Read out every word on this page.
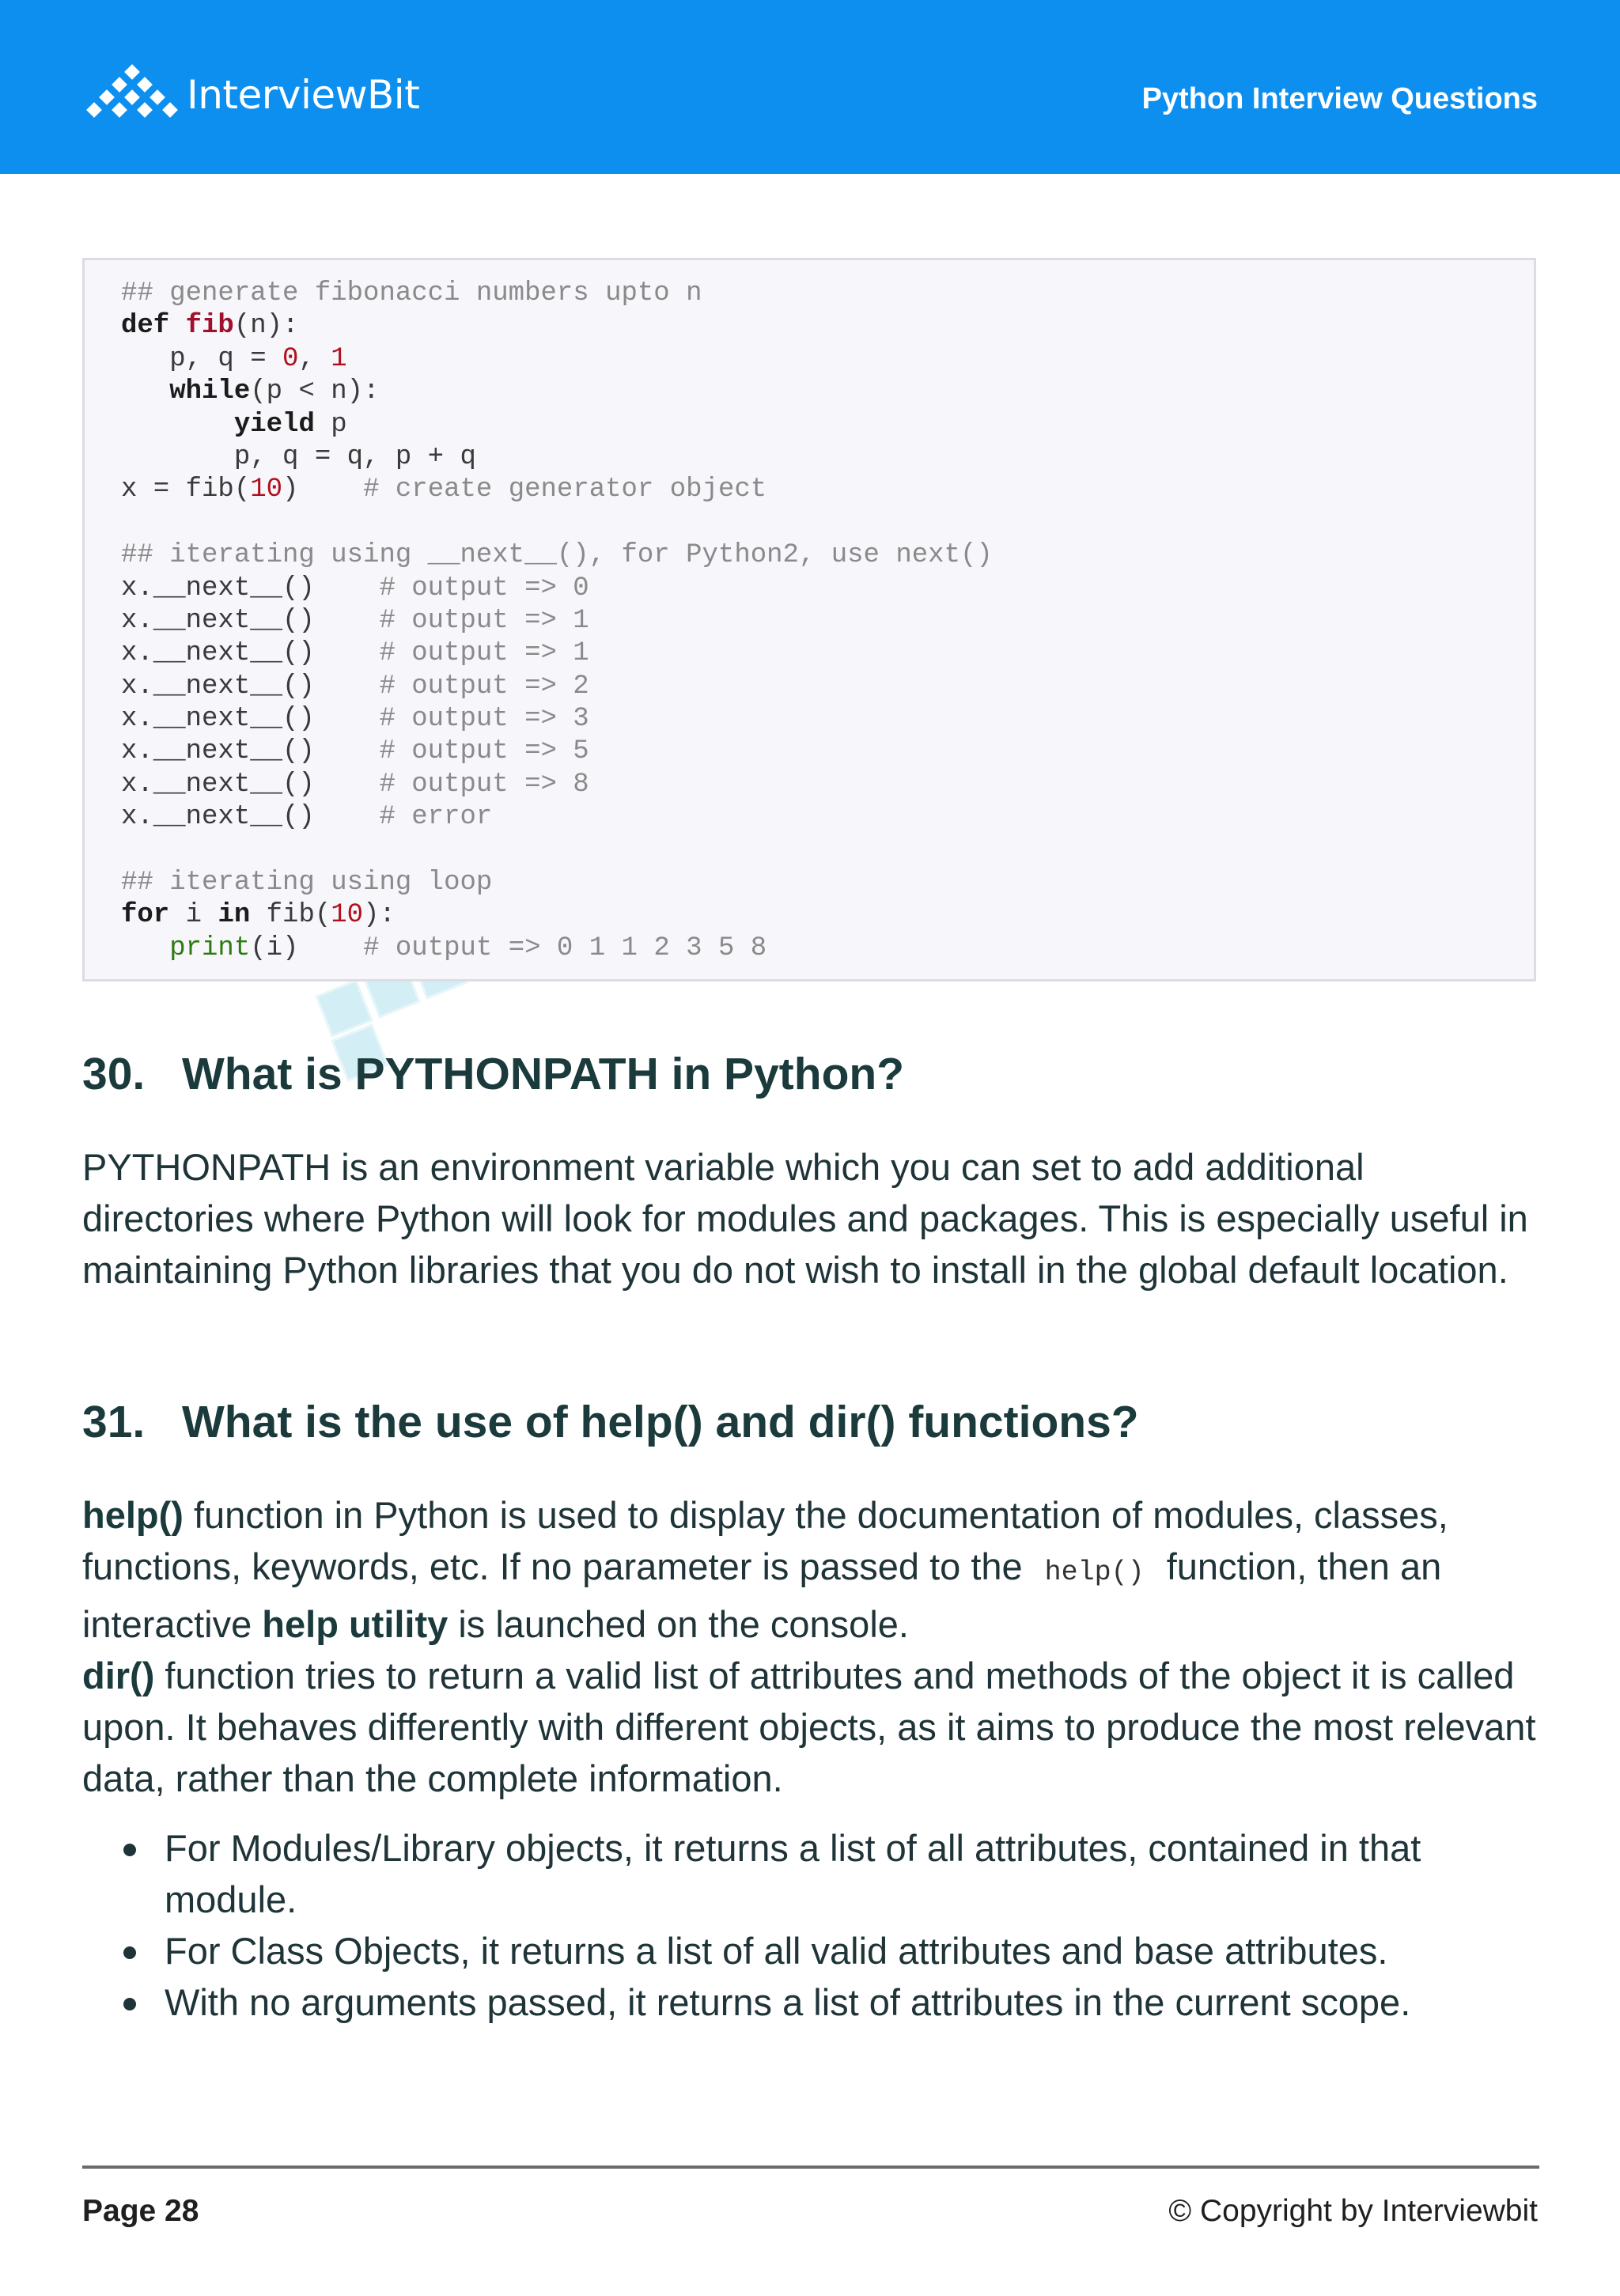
InterviewBit	Python Interview Questions
## generate fibonacci numbers upto n
def fib(n):
p, q = 0, 1
while(p < n):
yield p
p, q = q, p + q
x = fib(10)    # create generator object
## iterating using __next__(), for Python2, use next()
x.__next__()    # output => 0
x.__next__()    # output => 1
x.__next__()    # output => 1
x.__next__()    # output => 2
x.__next__()    # output => 3
x.__next__()    # output => 5
x.__next__()    # output => 8
x.__next__()    # error
## iterating using loop
for i in fib(10):
print(i)    # output => 0 1 1 2 3 5 8
30. What is PYTHONPATH in Python?

PYTHONPATH is an environment variable which you can set to add additional directories where Python will look for modules and packages. This is especially useful in maintaining Python libraries that you do not wish to install in the global default location.

31. What is the use of help() and dir() functions?

help() function in Python is used to display the documentation of modules, classes, functions, keywords, etc. If no parameter is passed to the help() function, then an interactive help utility is launched on the console.
dir() function tries to return a valid list of attributes and methods of the object it is called upon. It behaves differently with different objects, as it aims to produce the most relevant data, rather than the complete information.

For Modules/Library objects, it returns a list of all attributes, contained in that module.
For Class Objects, it returns a list of all valid attributes and base attributes.
With no arguments passed, it returns a list of attributes in the current scope.
Page 28	© Copyright by Interviewbit
